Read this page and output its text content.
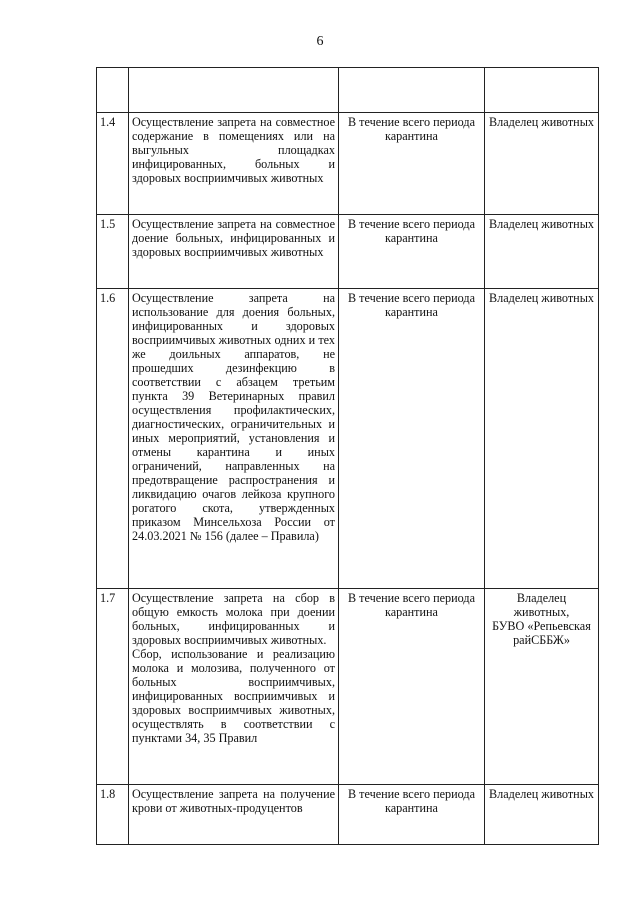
6

1.4	Осуществление запрета на совместное содержание в помещениях или на выгульных площадках инфицированных, больных и здоровых восприимчивых животных	В течение всего периода карантина	Владелец животных
1.5	Осуществление запрета на совместное доение больных, инфицированных и здоровых восприимчивых животных	В течение всего периода карантина	Владелец животных
1.6	Осуществление запрета на использование для доения больных, инфицированных и здоровых восприимчивых животных одних и тех же доильных аппаратов, не прошедших дезинфекцию в соответствии с абзацем третьим пункта 39 Ветеринарных правил осуществления профилактических, диагностических, ограничительных и иных мероприятий, установления и отмены карантина и иных ограничений, направленных на предотвращение распространения и ликвидацию очагов лейкоза крупного рогатого скота, утвержденных приказом Минсельхоза России от 24.03.2021 № 156 (далее – Правила)	В течение всего периода карантина	Владелец животных
1.7	Осуществление запрета на сбор в общую емкость молока при доении больных, инфицированных и здоровых восприимчивых животных.
Сбор, использование и реализацию молока и молозива, полученного от больных восприимчивых, инфицированных восприимчивых и здоровых восприимчивых животных, осуществлять в соответствии с пунктами 34, 35 Правил	В течение всего периода карантина	Владелец животных,
БУВО «Репьевская райСББЖ»
1.8	Осуществление запрета на получение крови от животных-продуцентов	В течение всего периода карантина	Владелец животных
